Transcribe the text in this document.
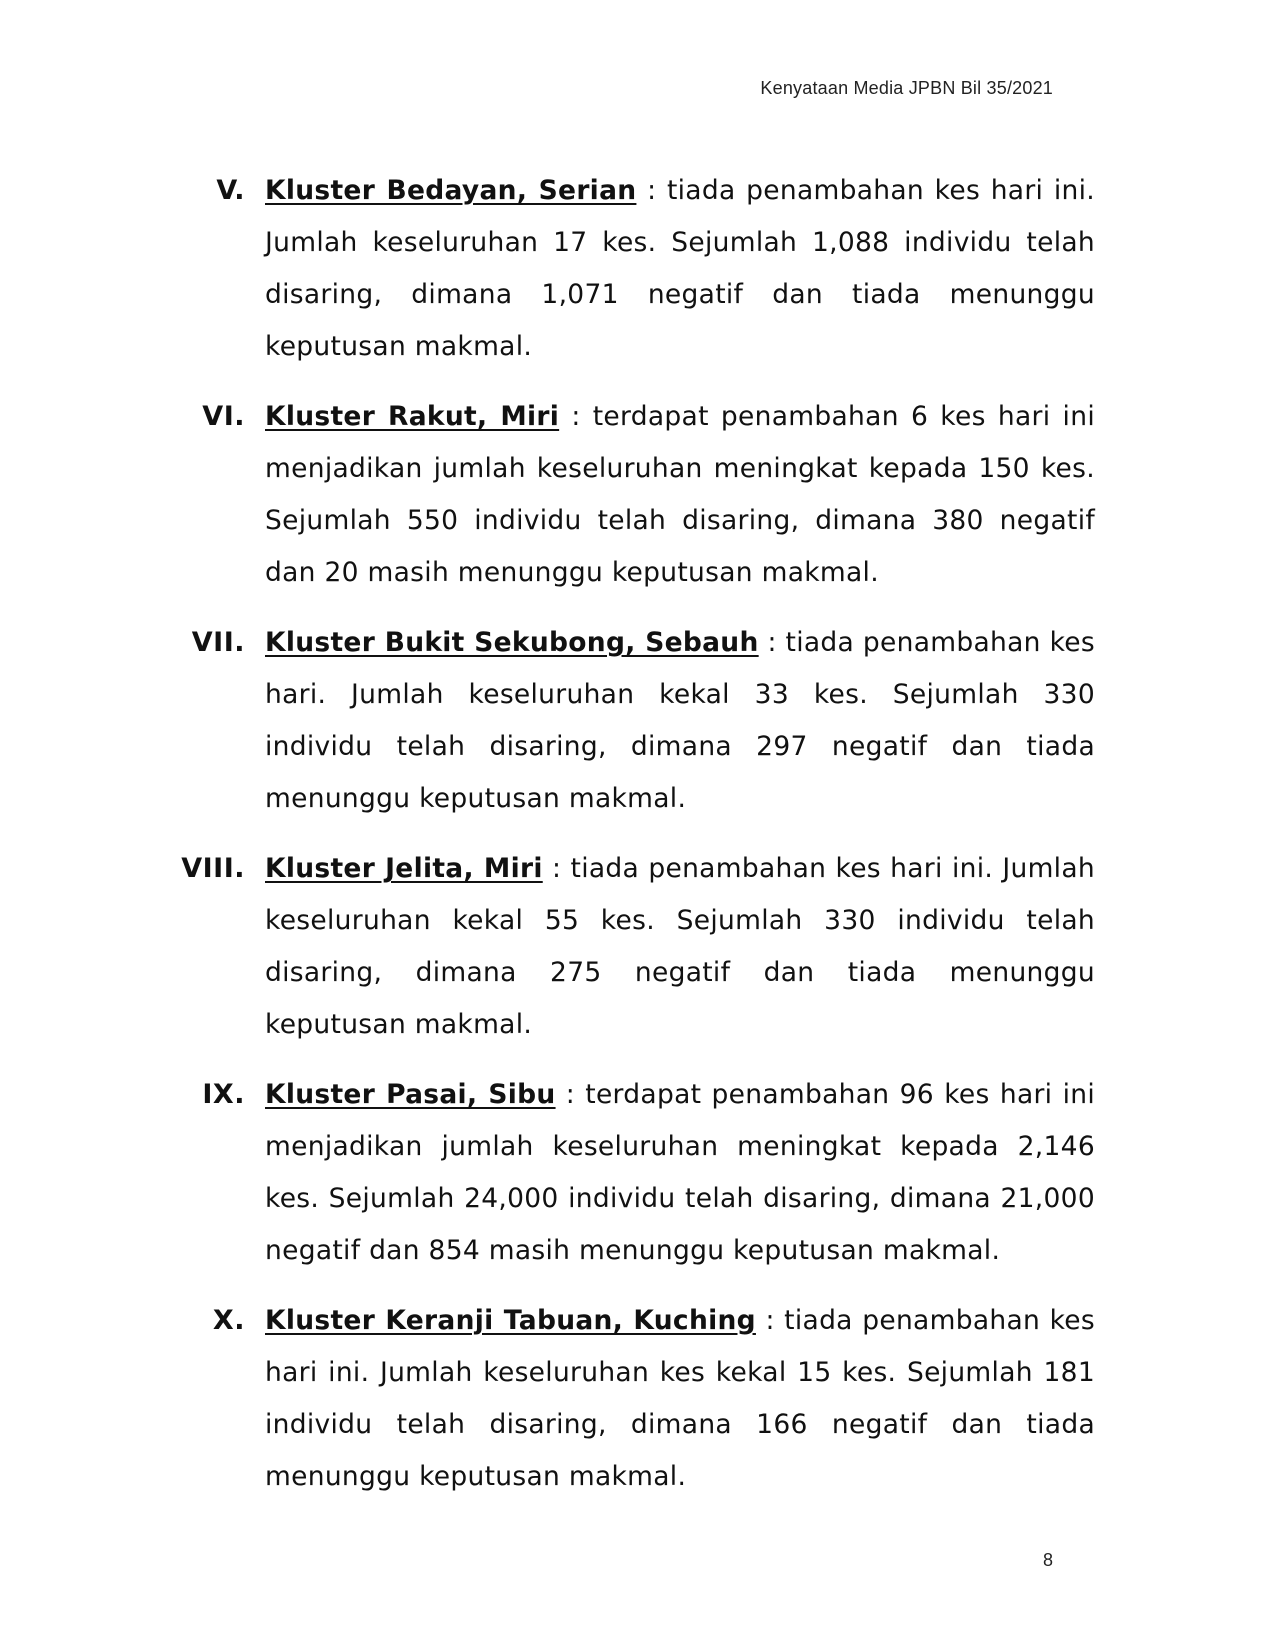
Kenyataan Media JPBN Bil 35/2021
V. Kluster Bedayan, Serian : tiada penambahan kes hari ini. Jumlah keseluruhan 17 kes. Sejumlah 1,088 individu telah disaring, dimana 1,071 negatif dan tiada menunggu keputusan makmal.
VI. Kluster Rakut, Miri : terdapat penambahan 6 kes hari ini menjadikan jumlah keseluruhan meningkat kepada 150 kes. Sejumlah 550 individu telah disaring, dimana 380 negatif dan 20 masih menunggu keputusan makmal.
VII. Kluster Bukit Sekubong, Sebauh : tiada penambahan kes hari. Jumlah keseluruhan kekal 33 kes. Sejumlah 330 individu telah disaring, dimana 297 negatif dan tiada menunggu keputusan makmal.
VIII. Kluster Jelita, Miri : tiada penambahan kes hari ini. Jumlah keseluruhan kekal 55 kes. Sejumlah 330 individu telah disaring, dimana 275 negatif dan tiada menunggu keputusan makmal.
IX. Kluster Pasai, Sibu : terdapat penambahan 96 kes hari ini menjadikan jumlah keseluruhan meningkat kepada 2,146 kes. Sejumlah 24,000 individu telah disaring, dimana 21,000 negatif dan 854 masih menunggu keputusan makmal.
X. Kluster Keranji Tabuan, Kuching : tiada penambahan kes hari ini. Jumlah keseluruhan kes kekal 15 kes. Sejumlah 181 individu telah disaring, dimana 166 negatif dan tiada menunggu keputusan makmal.
8
